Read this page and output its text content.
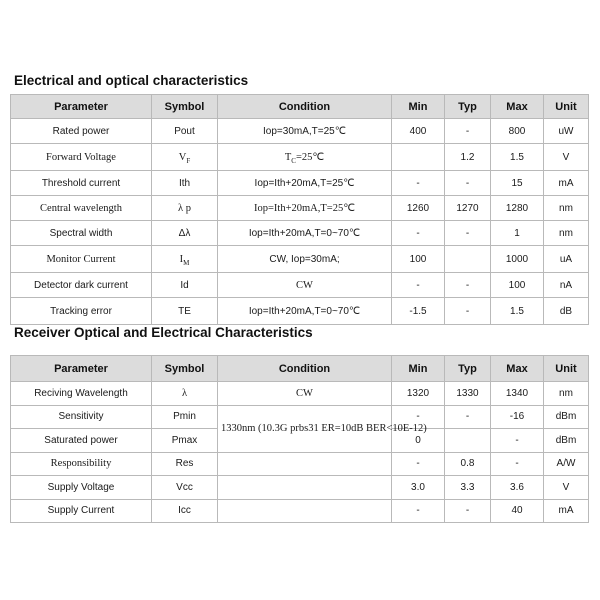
Electrical and optical characteristics
Parameter	Symbol	Condition	Min	Typ	Max	Unit
Rated power	Pout	Iop=30mA,T=25℃	400	-	800	uW
Forward Voltage	$V_F$	$T_C=25℃$		1.2	1.5	V
Threshold current	Ith	Iop=Ith+20mA,T=25℃	-	-	15	mA
Central wavelength	λ p	Iop=Ith+20mA,T=25℃	1260	1270	1280	nm
Spectral width	Δλ	Iop=Ith+20mA,T=0~70℃	-	-	1	nm
Monitor Current	$I_M$	CW, Iop=30mA;	100		1000	uA
Detector dark current	Id	CW	-	-	100	nA
Tracking error	TE	Iop=Ith+20mA,T=0~70℃	-1.5	-	1.5	dB
Receiver Optical and Electrical Characteristics
Parameter	Symbol	Condition	Min	Typ	Max	Unit
Reciving Wavelength	λ	CW	1320	1330	1340	nm
Sensitivity	Pmin	1330nm (10.3G prbs31 ER=10dB BER<10E-12)	-	-	-16	dBm
Saturated power	Pmax		0		-	dBm
Responsibility	Res		-	0.8	-	A/W
Supply Voltage	Vcc		3.0	3.3	3.6	V
Supply Current	Icc		-	-	40	mA
